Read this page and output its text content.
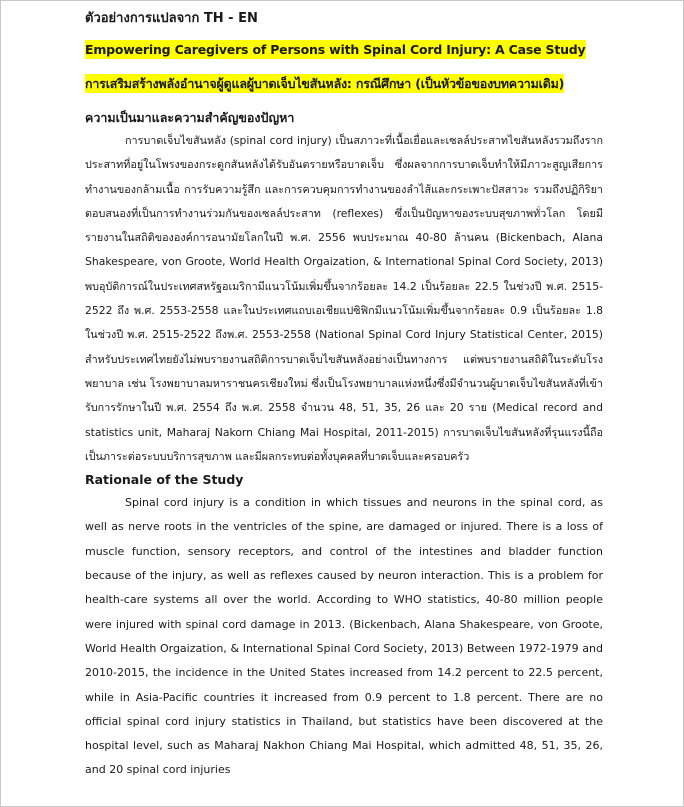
ตัวอย่างการแปลจาก TH - EN
Empowering Caregivers of Persons with Spinal Cord Injury: A Case Study
การเสริมสร้างพลังอำนาจผู้ดูแลผู้บาดเจ็บไขสันหลัง: กรณีศึกษา (เป็นหัวข้อของบทความเดิม)
ความเป็นมาและความสำคัญของปัญหา

การบาดเจ็บไขสันหลัง (spinal cord injury) เป็นสภาวะที่เนื้อเยื่อและเซลล์ประสาทไขสันหลังรวมถึงรากประสาทที่อยู่ในโพรงของกระดูกสันหลังได้รับอันตรายหรือบาดเจ็บ ซึ่งผลจากการบาดเจ็บทำให้มีภาวะสูญเสียการทำงานของกล้ามเนื้อ การรับความรู้สึก และการควบคุมการทำงานของลำไส้และกระเพาะปัสสาวะ รวมถึงปฏิกิริยาตอบสนองที่เป็นการทำงานร่วมกันของเซลล์ประสาท (reflexes) ซึ่งเป็นปัญหาของระบบสุขภาพทั่วโลก โดยมีรายงานในสถิติขององค์การอนามัยโลกในปี พ.ศ. 2556 พบประมาณ 40-80 ล้านคน (Bickenbach, Alana Shakespeare, von Groote, World Health Orgaization, & International Spinal Cord Society, 2013) พบอุบัติการณ์ในประเทศสหรัฐอเมริกามีแนวโน้มเพิ่มขึ้นจากร้อยละ 14.2 เป็นร้อยละ 22.5 ในช่วงปี พ.ศ. 2515-2522 ถึง พ.ศ. 2553-2558 และในประเทศแถบเอเชียแปซิฟิกมีแนวโน้มเพิ่มขึ้นจากร้อยละ 0.9 เป็นร้อยละ 1.8 ในช่วงปี พ.ศ. 2515-2522 ถึงพ.ศ. 2553-2558 (National Spinal Cord Injury Statistical Center, 2015) สำหรับประเทศไทยยังไม่พบรายงานสถิติการบาดเจ็บไขสันหลังอย่างเป็นทางการ แต่พบรายงานสถิติในระดับโรงพยาบาล เช่น โรงพยาบาลมหาราชนครเชียงใหม่ ซึ่งเป็นโรงพยาบาลแห่งหนึ่งซึ่งมีจำนวนผู้บาดเจ็บไขสันหลังที่เข้ารับการรักษาในปี พ.ศ. 2554 ถึง พ.ศ. 2558 จำนวน 48, 51, 35, 26 และ 20 ราย (Medical record and statistics unit, Maharaj Nakorn Chiang Mai Hospital, 2011-2015) การบาดเจ็บไขสันหลังที่รุนแรงนี้ถือเป็นภาระต่อระบบบริการสุขภาพ และมีผลกระทบต่อทั้งบุคคลที่บาดเจ็บและครอบครัว

Rationale of the Study

Spinal cord injury is a condition in which tissues and neurons in the spinal cord, as well as nerve roots in the ventricles of the spine, are damaged or injured. There is a loss of muscle function, sensory receptors, and control of the intestines and bladder function because of the injury, as well as reflexes caused by neuron interaction. This is a problem for health-care systems all over the world. According to WHO statistics, 40-80 million people were injured with spinal cord damage in 2013. (Bickenbach, Alana Shakespeare, von Groote, World Health Orgaization, & International Spinal Cord Society, 2013) Between 1972-1979 and 2010-2015, the incidence in the United States increased from 14.2 percent to 22.5 percent, while in Asia-Pacific countries it increased from 0.9 percent to 1.8 percent. There are no official spinal cord injury statistics in Thailand, but statistics have been discovered at the hospital level, such as Maharaj Nakhon Chiang Mai Hospital, which admitted 48, 51, 35, 26, and 20 spinal cord injuries
